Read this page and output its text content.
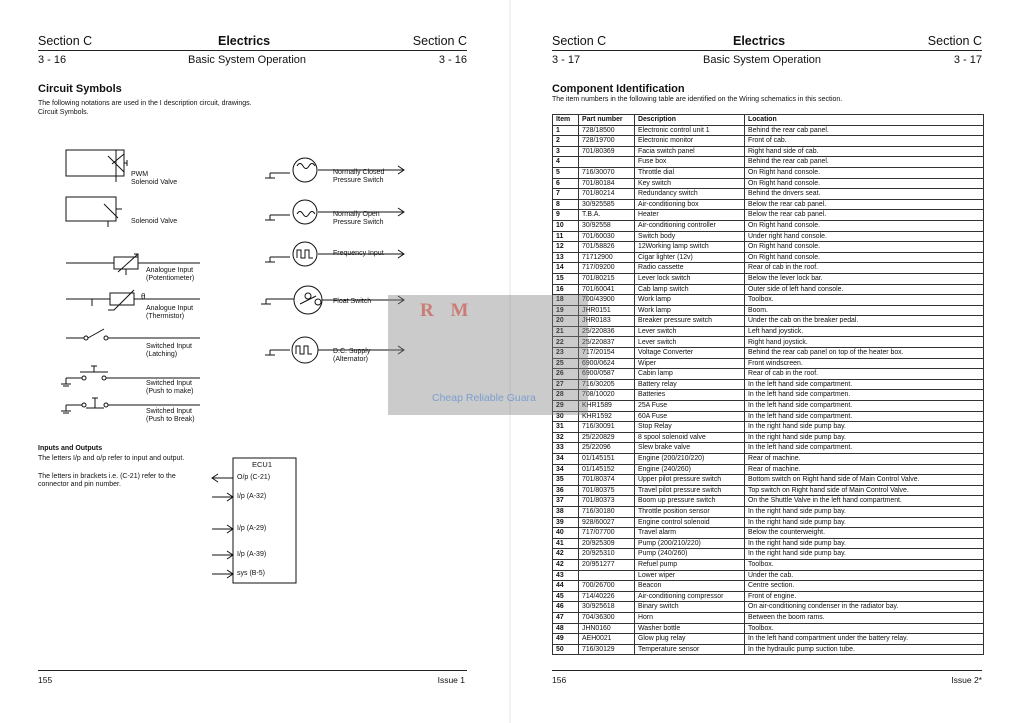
Section C	Electrics	Section C
3 - 16	Basic System Operation	3 - 16
Circuit Symbols
The following notations are used in the I description circuit, drawings.
Circuit Symbols.
PWM
Solenoid Valve
Solenoid Valve
Analogue Input
(Potentiometer)
θ
Analogue Input
(Thermistor)
Switched Input
(Latching)
Switched Input
(Push to make)
Switched Input
(Push to Break)
Normally Closed
Pressure Switch
Normally Open
Pressure Switch
Frequency Input
Float Switch
D.C. Supply
(Alternator)
Inputs and Outputs
The letters I/p and o/p refer to input and output.
The letters in brackets i.e. (C-21) refer to the
connector and pin number.
ECU1
O/p (C-21)
I/p (A-32)
I/p (A-29)
I/p (A-39)
sys (B-5)
155	Issue 1
Section C	Electrics	Section C
3 - 17	Basic System Operation	3 - 17
Component Identification
The item numbers in the following table are identified on the Wiring schematics in this section.
Item	Part number	Description	Location
1	728/18500	Electronic control unit 1	Behind the rear cab panel.
2	728/19700	Electronic monitor	Front of cab.
3	701/80369	Facia switch panel	Right hand side of cab.
4		Fuse box	Behind the rear cab panel.
5	716/30070	Throttle dial	On Right hand console.
6	701/80184	Key switch	On Right hand console.
7	701/80214	Redundancy switch	Behind the drivers seat.
8	30/925585	Air-conditioning box	Below the rear cab panel.
9	T.B.A.	Heater	Below the rear cab panel.
10	30/92558	Air-conditioning controller	On Right hand console.
11	701/60030	Switch body	Under right hand console.
12	701/58826	12Working lamp switch	On Right hand console.
13	71712900	Cigar lighter (12v)	On Right hand console.
14	717/09200	Radio cassette	Rear of cab in the roof.
15	701/80215	Lever lock switch	Below the lever lock bar.
16	701/60041	Cab lamp switch	Outer side of left hand console.
18	700/43900	Work lamp	Toolbox.
19	JHR0151	Work lamp	Boom.
20	JHR0183	Breaker pressure switch	Under the cab on the breaker pedal.
21	25/220836	Lever switch	Left hand joystick.
22	25/220837	Lever switch	Right hand joystick.
23	717/20154	Voltage Converter	Behind the rear cab panel on top of the heater box.
25	6900/0624	Wiper	Front windscreen.
26	6900/0587	Cabin lamp	Rear of cab in the roof.
27	716/30205	Battery relay	In the left hand side compartment.
28	708/10020	Batteries	In the left hand side compartmen.
29	KHR1589	25A Fuse	In the left hand side compartment.
30	KHR1592	60A Fuse	In the left hand side compartment.
31	716/30091	Stop Relay	In the right hand side pump bay.
32	25/220829	8 spool solenoid valve	In the right hand side pump bay.
33	25/22096	Slew brake valve	In the left hand side compartment.
34	01/145151	Engine (200/210/220)	Rear of machine.
34	01/145152	Engine (240/260)	Rear of machine.
35	701/80374	Upper pilot pressure switch	Bottom switch on Right hand side of Main Control Valve.
36	701/80375	Travel pilot pressure switch	Top switch on Right hand side of Main Control Valve.
37	701/80373	Boom up pressure switch	On the Shuttle Valve in the left hand compartment.
38	716/30180	Throttle position sensor	In the right hand side pump bay.
39	928/60027	Engine control solenoid	In the right hand side pump bay.
40	717/07700	Travel alarm	Below the counterweight.
41	20/925309	Pump (200/210/220)	In the right hand side pump bay.
42	20/925310	Pump (240/260)	In the right hand side pump bay.
42	20/951277	Refuel pump	Toolbox.
43		Lower wiper	Under the cab.
44	700/26700	Beacon	Centre section.
45	714/40226	Air-conditioning compressor	Front of engine.
46	30/925618	Binary switch	On air-conditioning condenser in the radiator bay.
47	704/36300	Horn	Between the boom rams.
48	JHN0160	Washer bottle	Toolbox.
49	AEH0021	Glow plug relay	In the left hand compartment under the battery relay.
50	716/30129	Temperature sensor	In the hydraulic pump suction tube.
156	Issue 2*
R M
Cheap Reliable Guara
